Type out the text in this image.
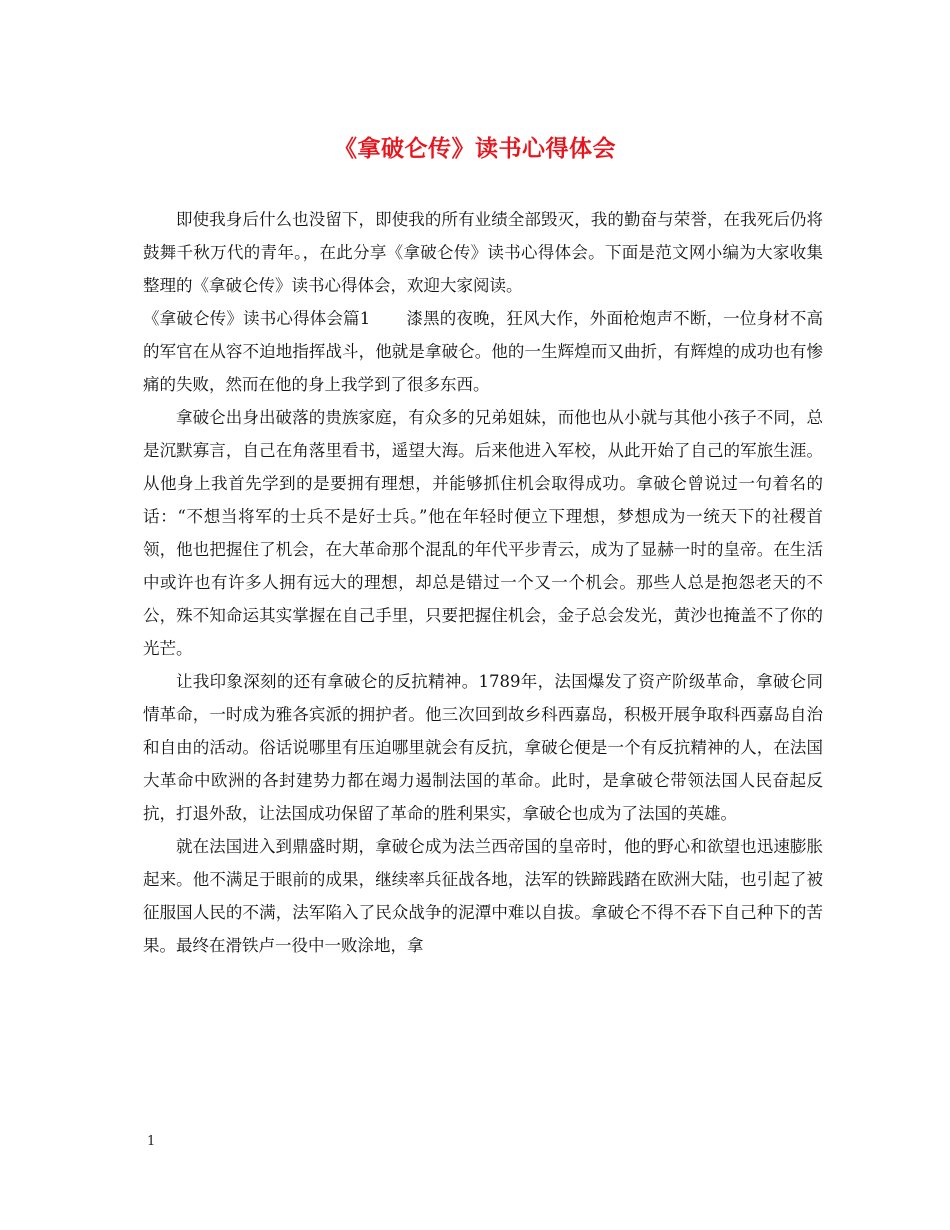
《拿破仑传》读书心得体会

即使我身后什么也没留下，即使我的所有业绩全部毁灭，我的勤奋与荣誉，在我死后仍将鼓舞千秋万代的青年。，在此分享《拿破仑传》读书心得体会。下面是范文网小编为大家收集整理的《拿破仑传》读书心得体会，欢迎大家阅读。

《拿破仑传》读书心得体会篇1 漆黑的夜晚，狂风大作，外面枪炮声不断，一位身材不高的军官在从容不迫地指挥战斗，他就是拿破仑。他的一生辉煌而又曲折，有辉煌的成功也有惨痛的失败，然而在他的身上我学到了很多东西。

拿破仑出身出破落的贵族家庭，有众多的兄弟姐妹，而他也从小就与其他小孩子不同，总是沉默寡言，自己在角落里看书，遥望大海。后来他进入军校，从此开始了自己的军旅生涯。从他身上我首先学到的是要拥有理想，并能够抓住机会取得成功。拿破仑曾说过一句着名的话：“不想当将军的士兵不是好士兵。”他在年轻时便立下理想，梦想成为一统天下的社稷首领，他也把握住了机会，在大革命那个混乱的年代平步青云，成为了显赫一时的皇帝。在生活中或许也有许多人拥有远大的理想，却总是错过一个又一个机会。那些人总是抱怨老天的不公，殊不知命运其实掌握在自己手里，只要把握住机会，金子总会发光，黄沙也掩盖不了你的光芒。

让我印象深刻的还有拿破仑的反抗精神。1789年，法国爆发了资产阶级革命，拿破仑同情革命，一时成为雅各宾派的拥护者。他三次回到故乡科西嘉岛，积极开展争取科西嘉岛自治和自由的活动。俗话说哪里有压迫哪里就会有反抗，拿破仑便是一个有反抗精神的人，在法国大革命中欧洲的各封建势力都在竭力遏制法国的革命。此时，是拿破仑带领法国人民奋起反抗，打退外敌，让法国成功保留了革命的胜利果实，拿破仑也成为了法国的英雄。

就在法国进入到鼎盛时期，拿破仑成为法兰西帝国的皇帝时，他的野心和欲望也迅速膨胀起来。他不满足于眼前的成果，继续率兵征战各地，法军的铁蹄践踏在欧洲大陆，也引起了被征服国人民的不满，法军陷入了民众战争的泥潭中难以自拔。拿破仑不得不吞下自己种下的苦果。最终在滑铁卢一役中一败涂地，拿

1
